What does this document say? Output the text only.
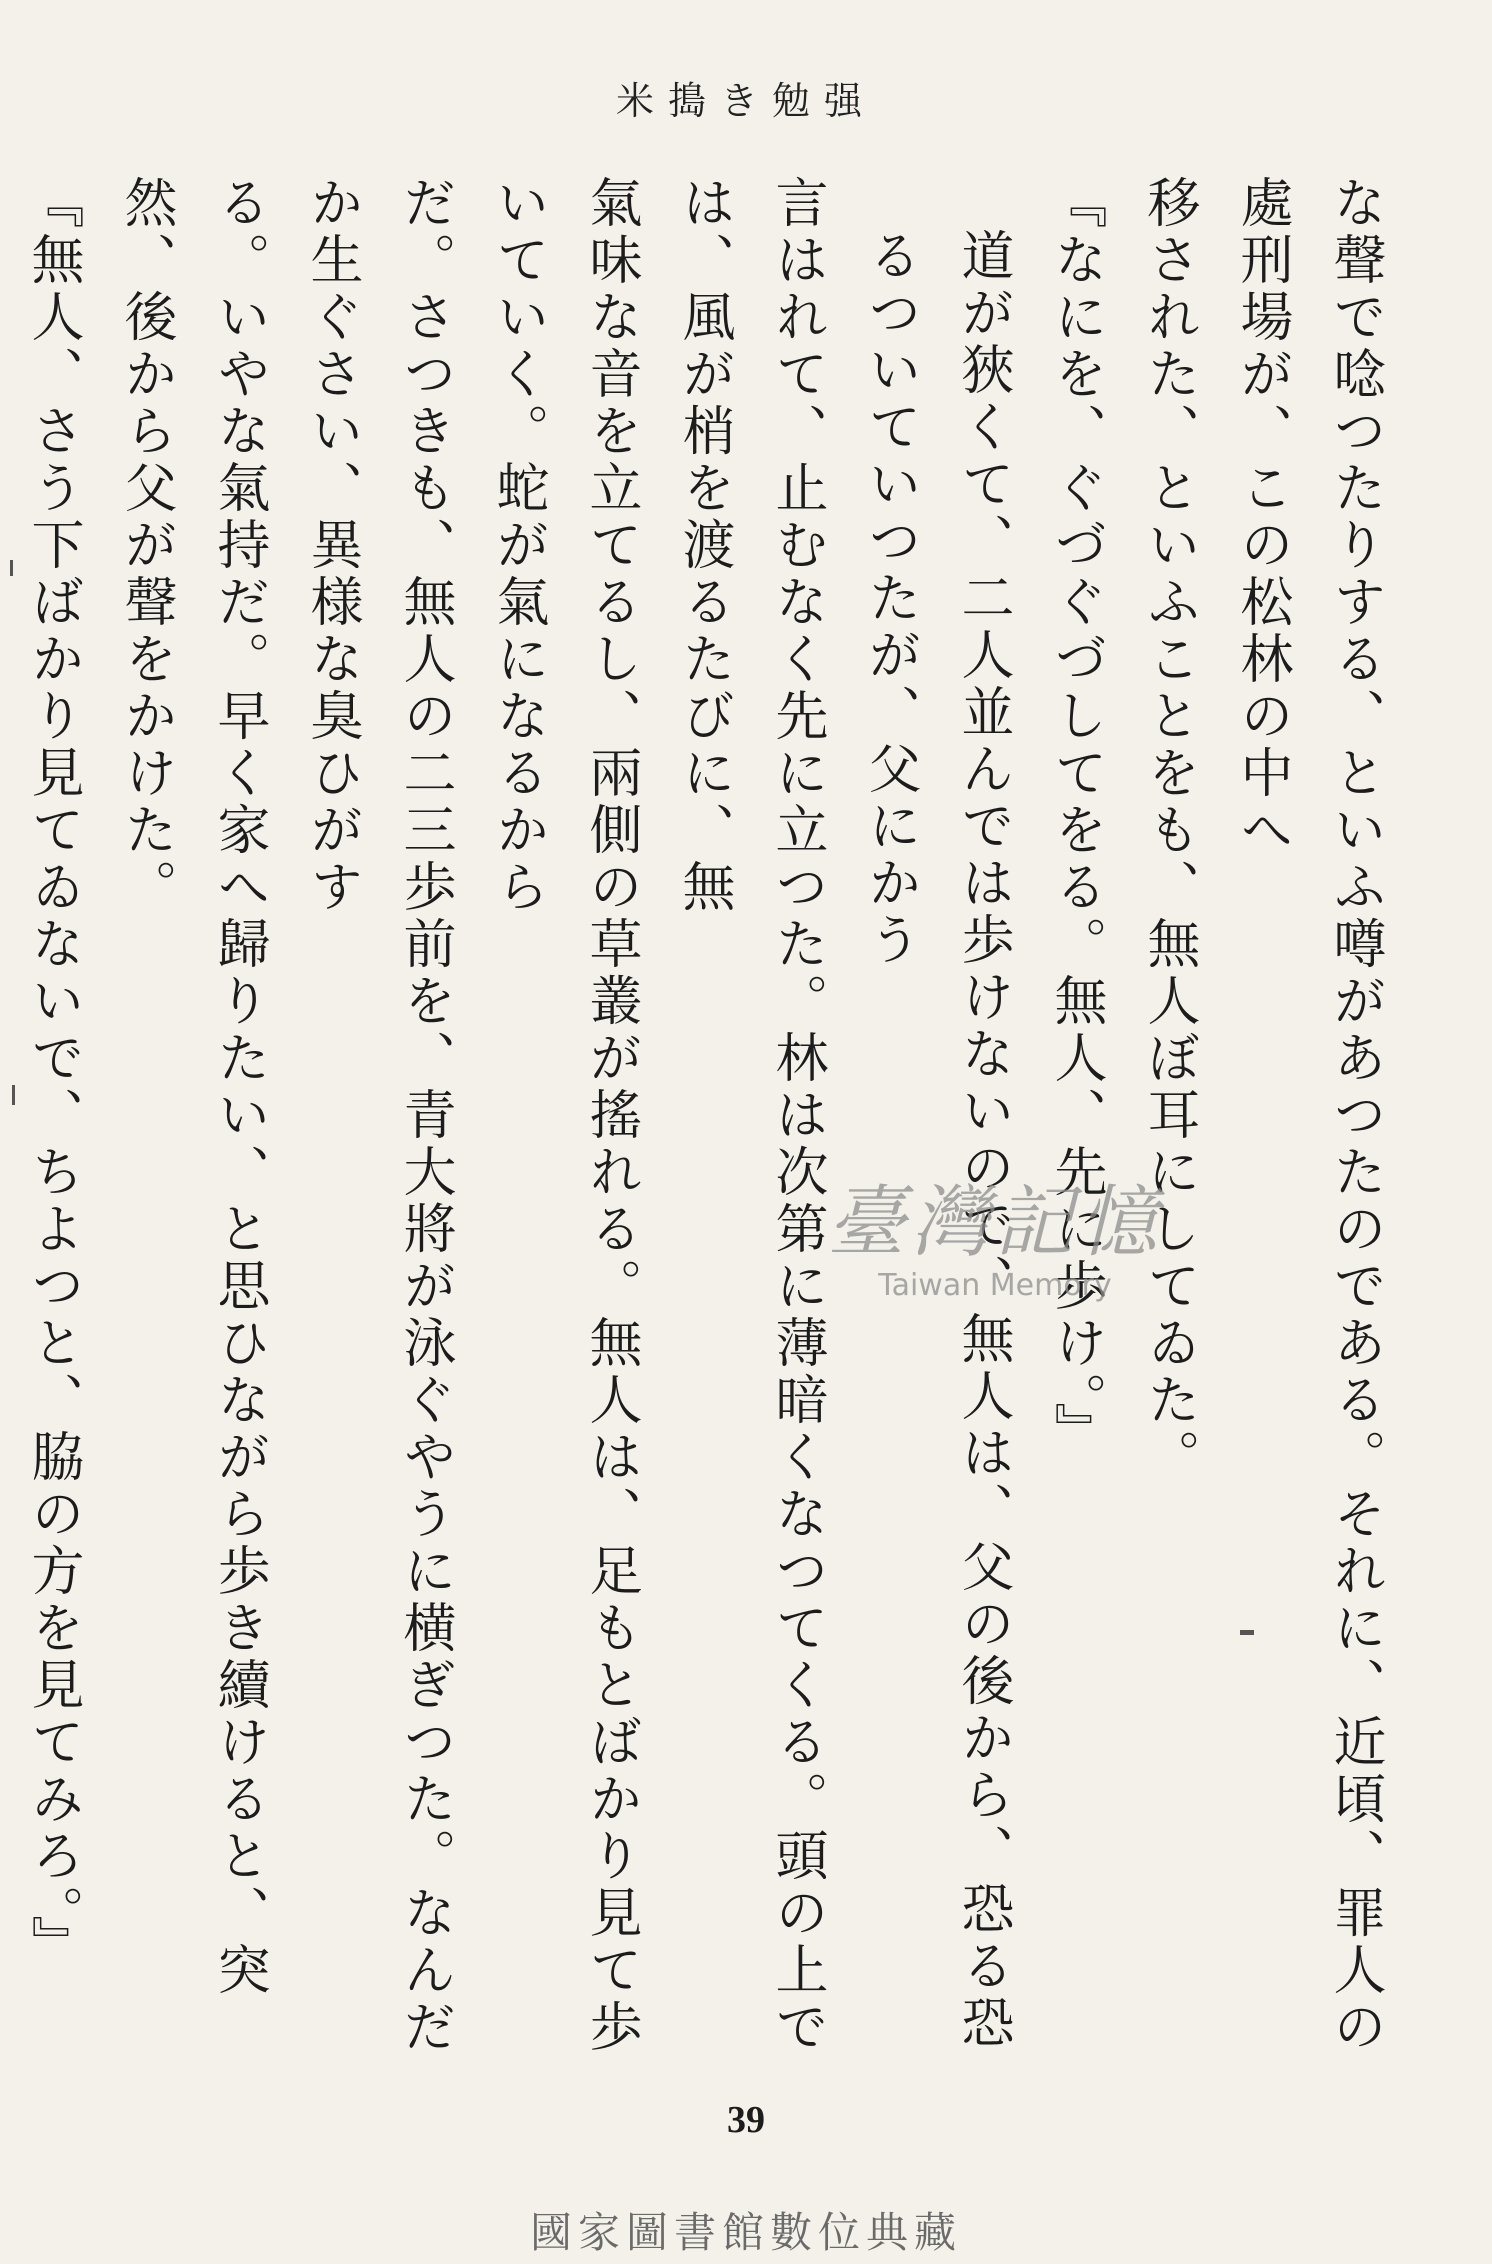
米搗き勉强

な聲で唸つたりする、といふ噂があつたのである。それに、近頃、罪人の處刑場が、この松林の中へ

移された、といふことをも、無人ぼ耳にしてゐた。

『なにを、ぐづぐづしてをる。無人、先に歩け。』

道が狹くて、二人並んでは歩けないので、無人は、父の後から、恐る恐るついていつたが、父にかう

言はれて、止むなく先に立つた。林は次第に薄暗くなつてくる。頭の上では、風が梢を渡るたびに、無

氣味な音を立てるし、兩側の草叢が搖れる。無人は、足もとばかり見て歩いていく。蛇が氣になるから

だ。さつきも、無人の二三歩前を、青大將が泳ぐやうに横ぎつた。なんだか生ぐさい、異様な臭ひがす

る。いやな氣持だ。早く家へ歸りたい、と思ひながら歩き續けると、突然、後から父が聲をかけた。

『無人、さう下ばかり見てゐないで、ちよつと、脇の方を見てみろ。』	臺灣記憶
Taiwan Memory
39
國家圖書館數位典藏
